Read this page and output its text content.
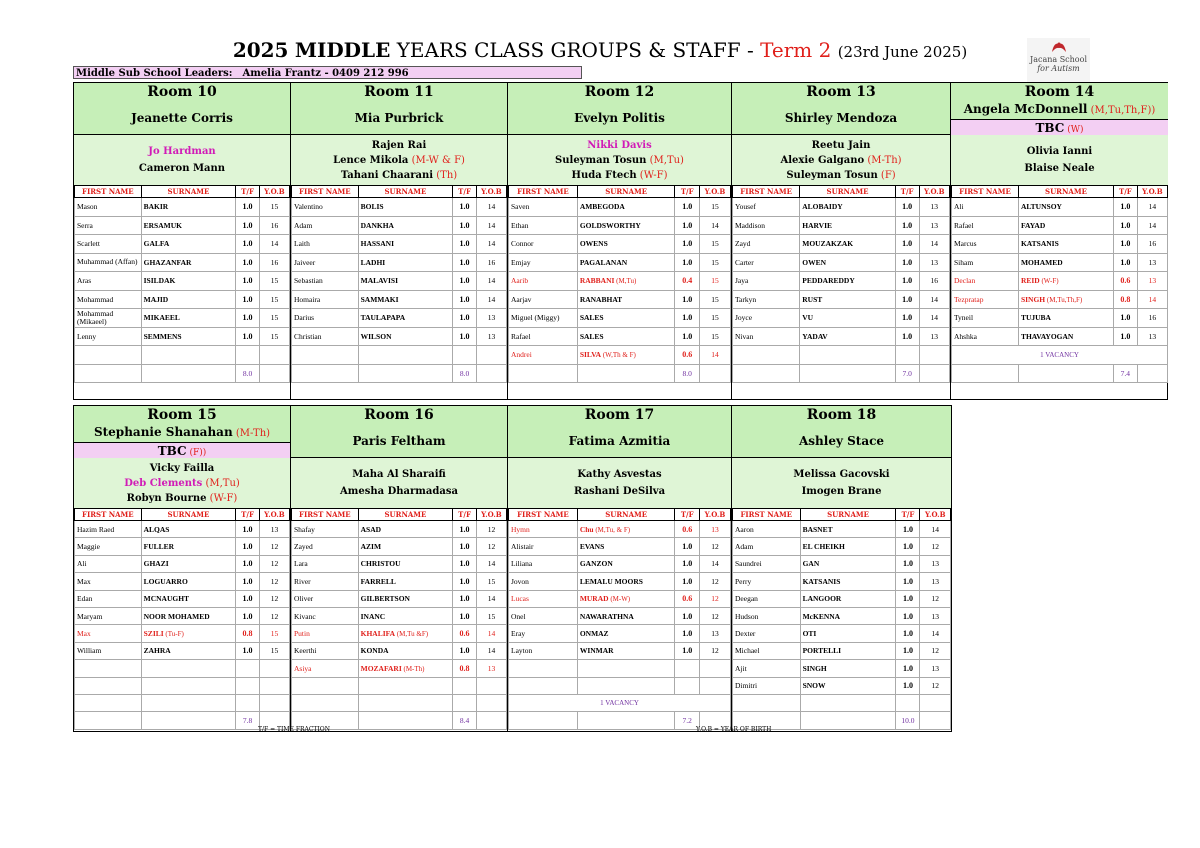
2025 MIDDLE YEARS CLASS GROUPS & STAFF - Term 2 (23rd June 2025)	Jacana School
for Autism
Middle Sub School Leaders: Amelia Frantz - 0409 212 996
Room 10
Jeanette Corris
Jo Hardman
Cameron Mann
FIRST NAME	SURNAME	T/F	Y.O.B
Mason	BAKIR	1.0	15
Serra	ERSAMUK	1.0	16
Scarlett	GALFA	1.0	14
Muhammad (Affan)	GHAZANFAR	1.0	16
Aras	ISILDAK	1.0	15
Mohammad	MAJID	1.0	15
Mohammad (Mikaeel)	MIKAEEL	1.0	15
Lenny	SEMMENS	1.0	15

		8.0	
Room 11
Mia Purbrick
Rajen Rai
Lence Mikola (M-W & F)
Tahani Chaarani (Th)
FIRST NAME	SURNAME	T/F	Y.O.B
Valentino	BOLIS	1.0	14
Adam	DANKHA	1.0	14
Laith	HASSANI	1.0	14
Jaiveer	LADHI	1.0	16
Sebastian	MALAVISI	1.0	14
Homaira	SAMMAKI	1.0	14
Darius	TAULAPAPA	1.0	13
Christian	WILSON	1.0	13

		8.0	
Room 12
Evelyn Politis
Nikki Davis
Suleyman Tosun (M,Tu)
Huda Ftech (W-F)
FIRST NAME	SURNAME	T/F	Y.O.B
Saven	AMBEGODA	1.0	15
Ethan	GOLDSWORTHY	1.0	14
Connor	OWENS	1.0	15
Emjay	PAGALANAN	1.0	15
Aarib	RABBANI (M,Tu)	0.4	15
Aarjav	RANABHAT	1.0	15
Miguel (Miggy)	SALES	1.0	15
Rafael	SALES	1.0	15
Andrei	SILVA (W,Th & F)	0.6	14
		8.0	
Room 13
Shirley Mendoza
Reetu Jain
Alexie Galgano (M-Th)
Suleyman Tosun (F)
FIRST NAME	SURNAME	T/F	Y.O.B
Yousef	ALOBAIDY	1.0	13
Maddison	HARVIE	1.0	13
Zayd	MOUZAKZAK	1.0	14
Carter	OWEN	1.0	13
Jaya	PEDDAREDDY	1.0	16
Tarkyn	RUST	1.0	14
Joyce	VU	1.0	14
Nivan	YADAV	1.0	13

		7.0	
Room 14
Angela McDonnell (M,Tu,Th,F))
TBC (W)
Olivia Ianni
Blaise Neale
FIRST NAME	SURNAME	T/F	Y.O.B
Ali	ALTUNSOY	1.0	14
Rafael	FAYAD	1.0	14
Marcus	KATSANIS	1.0	16
Siham	MOHAMED	1.0	13
Declan	REID (W-F)	0.6	13
Tezpratap	SINGH (M,Tu,Th,F)	0.8	14
Tyneil	TUJUBA	1.0	16
Ahshka	THAVAYOGAN	1.0	13
1 VACANCY			
		7.4	
Room 15
Stephanie Shanahan (M-Th)
TBC (F))
Vicky Failla
Deb Clements (M,Tu)
Robyn Bourne (W-F)
FIRST NAME	SURNAME	T/F	Y.O.B
Hazim Raed	ALQAS	1.0	13
Maggie	FULLER	1.0	12
Ali	GHAZI	1.0	12
Max	LOGUARRO	1.0	12
Edan	MCNAUGHT	1.0	12
Maryam	NOOR MOHAMED	1.0	12
Max	SZILI (Tu-F)	0.8	15
William	ZAHRA	1.0	15

		7.8	
Room 16
Paris Feltham
Maha Al Sharaifi
Amesha Dharmadasa
FIRST NAME	SURNAME	T/F	Y.O.B
Shafay	ASAD	1.0	12
Zayed	AZIM	1.0	12
Lara	CHRISTOU	1.0	14
River	FARRELL	1.0	15
Oliver	GILBERTSON	1.0	14
Kivanc	INANC	1.0	15
Putin	KHALIFA (M,Tu &F)	0.6	14
Keerthi	KONDA	1.0	14
Asiya	MOZAFARI (M-Th)	0.8	13

		8.4	
Room 17
Fatima Azmitia
Kathy Asvestas
Rashani DeSilva
FIRST NAME	SURNAME	T/F	Y.O.B
Hymn	Chu (M,Tu, & F)	0.6	13
Alistair	EVANS	1.0	12
Liliana	GANZON	1.0	14
Jovon	LEMALU MOORS	1.0	12
Lucas	MURAD (M-W)	0.6	12
Onel	NAWARATHNA	1.0	12
Eray	ONMAZ	1.0	13
Layton	WINMAR	1.0	12

1 VACANCY			
		7.2	
Room 18
Ashley Stace
Melissa Gacovski
Imogen Brane
FIRST NAME	SURNAME	T/F	Y.O.B
Aaron	BASNET	1.0	14
Adam	EL CHEIKH	1.0	12
Saundrei	GAN	1.0	13
Perry	KATSANIS	1.0	13
Deegan	LANGOOR	1.0	12
Hudson	McKENNA	1.0	13
Dexter	OTI	1.0	14
Michael	PORTELLI	1.0	12
Ajit	SINGH	1.0	13
Dimitri	SNOW	1.0	12

		10.0	
T/F = TIME FRACTION	Y.O.B = YEAR OF BIRTH
